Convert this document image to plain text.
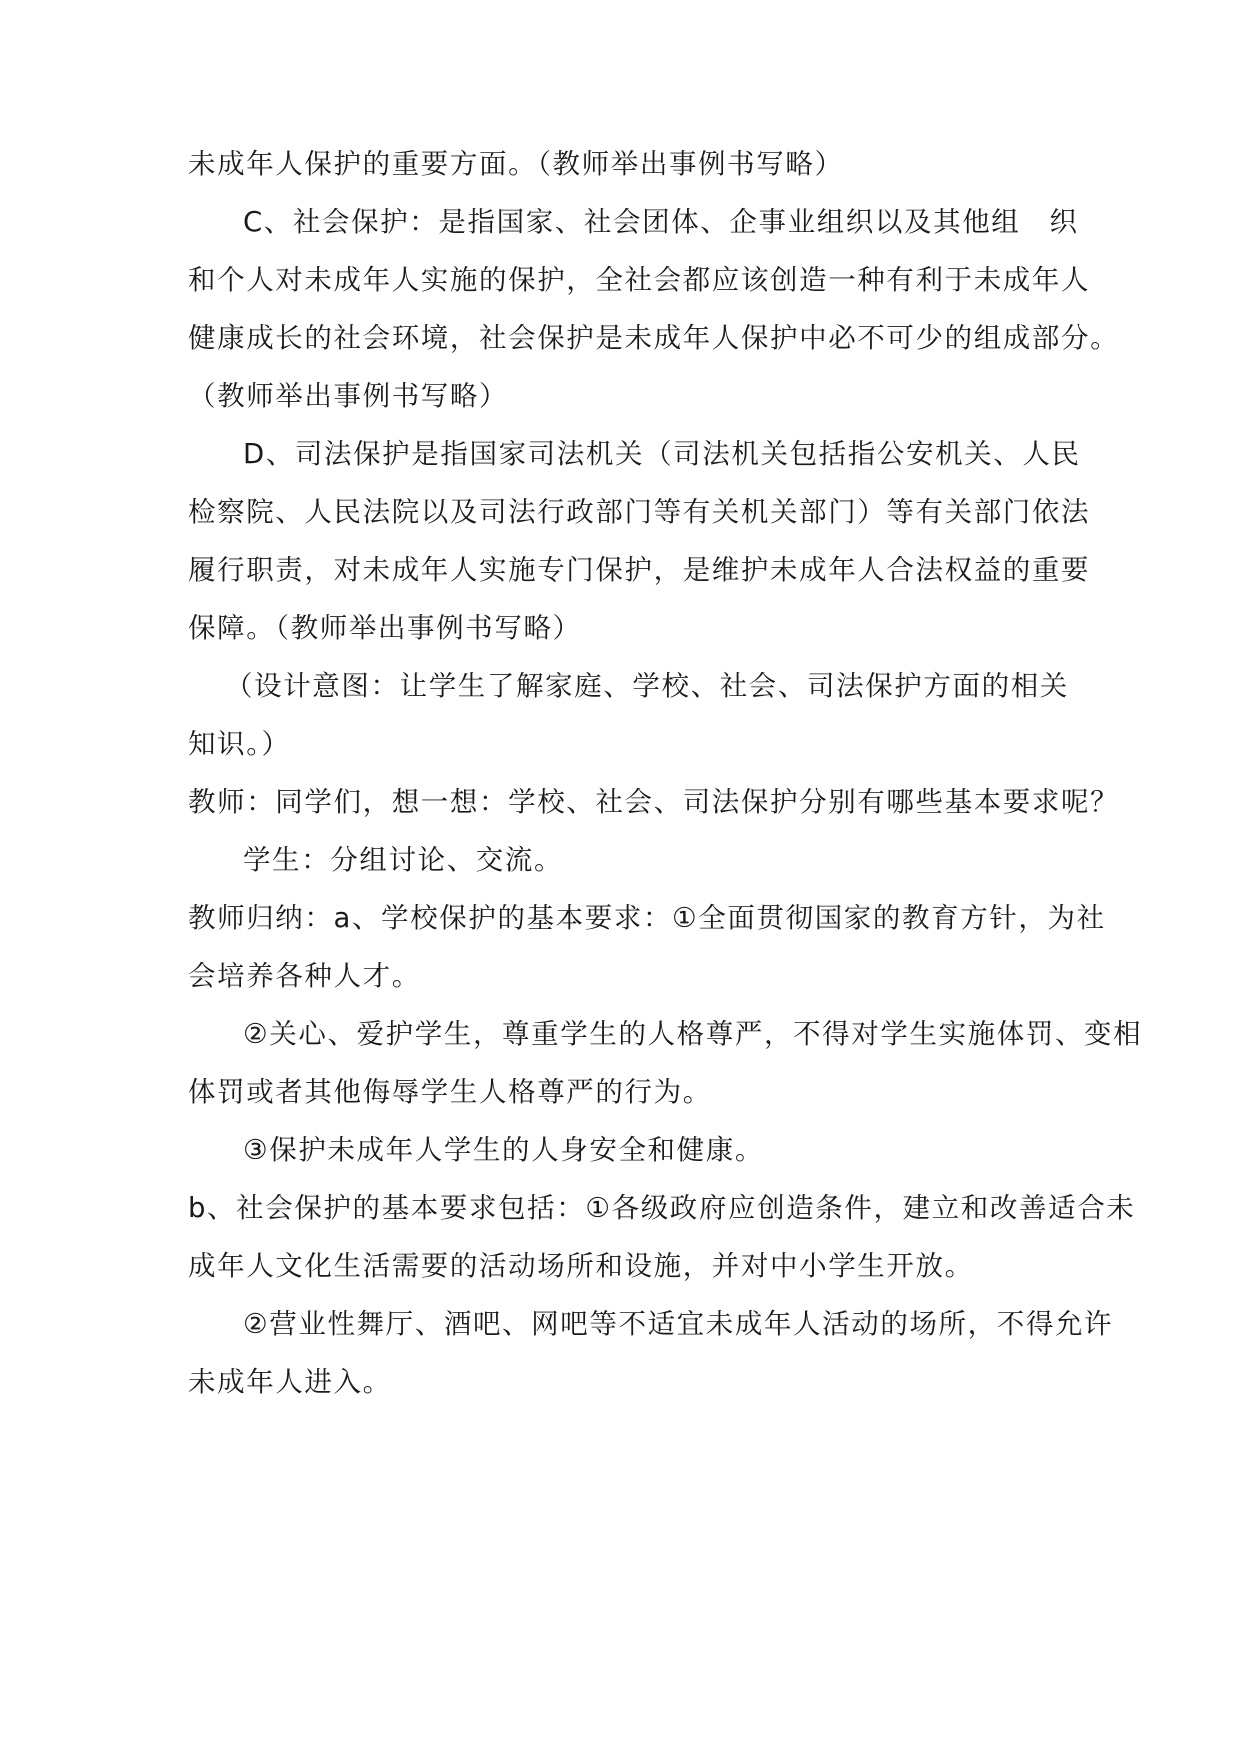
未成年人保护的重要方面。（教师举出事例书写略）
C、社会保护：是指国家、社会团体、企事业组织以及其他组　织
和个人对未成年人实施的保护，全社会都应该创造一种有利于未成年人
健康成长的社会环境，社会保护是未成年人保护中必不可少的组成部分。
（教师举出事例书写略）
D、司法保护是指国家司法机关（司法机关包括指公安机关、人民
检察院、人民法院以及司法行政部门等有关机关部门）等有关部门依法
履行职责，对未成年人实施专门保护，是维护未成年人合法权益的重要
保障。（教师举出事例书写略）
（设计意图：让学生了解家庭、学校、社会、司法保护方面的相关
知识。）
教师：同学们，想一想：学校、社会、司法保护分别有哪些基本要求呢？
学生：分组讨论、交流。
教师归纳：a、学校保护的基本要求：①全面贯彻国家的教育方针，为社
会培养各种人才。
②关心、爱护学生，尊重学生的人格尊严，不得对学生实施体罚、变相
体罚或者其他侮辱学生人格尊严的行为。
③保护未成年人学生的人身安全和健康。
b、社会保护的基本要求包括：①各级政府应创造条件，建立和改善适合未
成年人文化生活需要的活动场所和设施，并对中小学生开放。
②营业性舞厅、酒吧、网吧等不适宜未成年人活动的场所，不得允许
未成年人进入。
